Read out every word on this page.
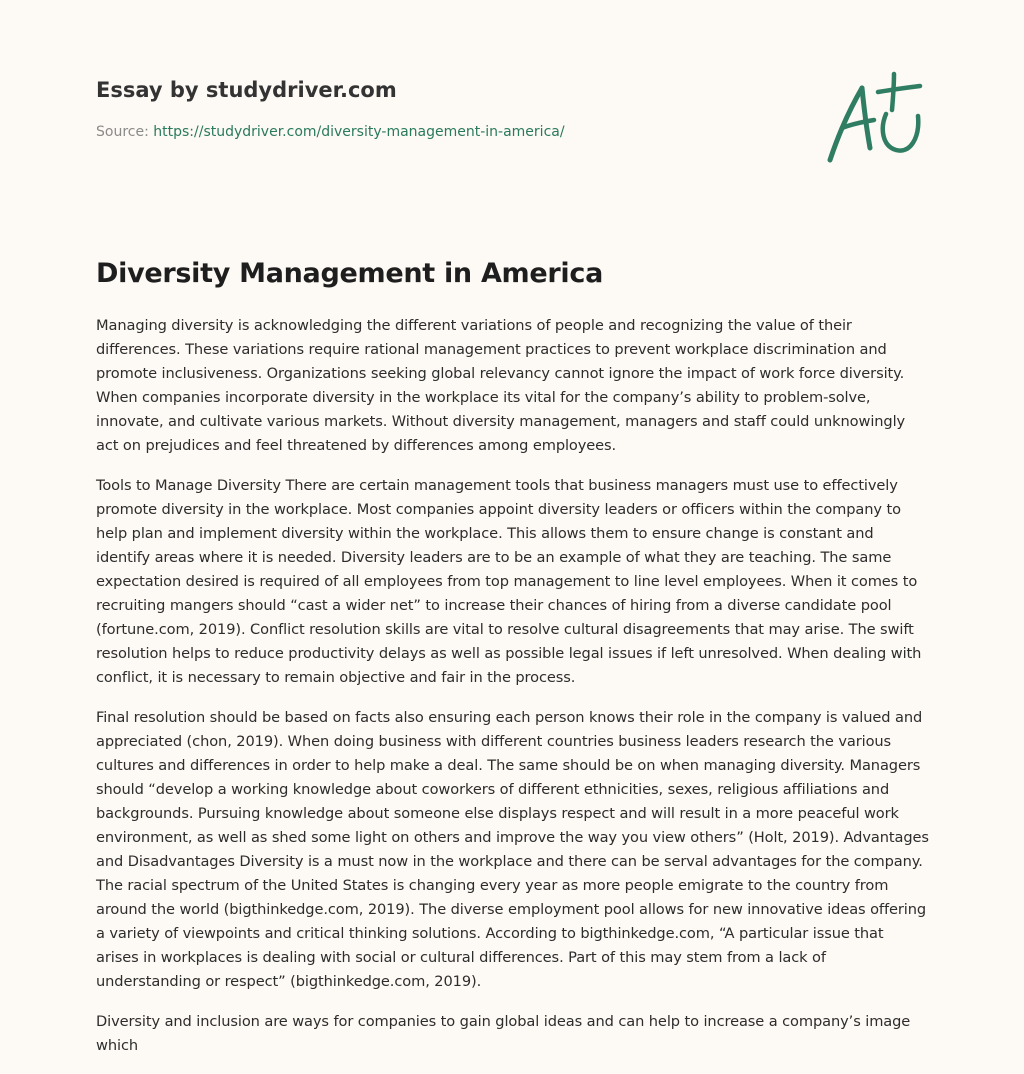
Essay by studydriver.com
Source: https://studydriver.com/diversity-management-in-america/
Diversity Management in America

Managing diversity is acknowledging the different variations of people and recognizing the value of their differences. These variations require rational management practices to prevent workplace discrimination and promote inclusiveness. Organizations seeking global relevancy cannot ignore the impact of work force diversity. When companies incorporate diversity in the workplace its vital for the company’s ability to problem-solve, innovate, and cultivate various markets. Without diversity management, managers and staff could unknowingly act on prejudices and feel threatened by differences among employees.

Tools to Manage Diversity There are certain management tools that business managers must use to effectively promote diversity in the workplace. Most companies appoint diversity leaders or officers within the company to help plan and implement diversity within the workplace. This allows them to ensure change is constant and identify areas where it is needed. Diversity leaders are to be an example of what they are teaching. The same expectation desired is required of all employees from top management to line level employees. When it comes to recruiting mangers should “cast a wider net” to increase their chances of hiring from a diverse candidate pool (fortune.com, 2019). Conflict resolution skills are vital to resolve cultural disagreements that may arise. The swift resolution helps to reduce productivity delays as well as possible legal issues if left unresolved. When dealing with conflict, it is necessary to remain objective and fair in the process.

Final resolution should be based on facts also ensuring each person knows their role in the company is valued and appreciated (chon, 2019). When doing business with different countries business leaders research the various cultures and differences in order to help make a deal. The same should be on when managing diversity. Managers should “develop a working knowledge about coworkers of different ethnicities, sexes, religious affiliations and backgrounds. Pursuing knowledge about someone else displays respect and will result in a more peaceful work environment, as well as shed some light on others and improve the way you view others” (Holt, 2019). Advantages and Disadvantages Diversity is a must now in the workplace and there can be serval advantages for the company. The racial spectrum of the United States is changing every year as more people emigrate to the country from around the world (bigthinkedge.com, 2019). The diverse employment pool allows for new innovative ideas offering a variety of viewpoints and critical thinking solutions. According to bigthinkedge.com, “A particular issue that arises in workplaces is dealing with social or cultural differences. Part of this may stem from a lack of understanding or respect” (bigthinkedge.com, 2019).

Diversity and inclusion are ways for companies to gain global ideas and can help to increase a company’s image which
